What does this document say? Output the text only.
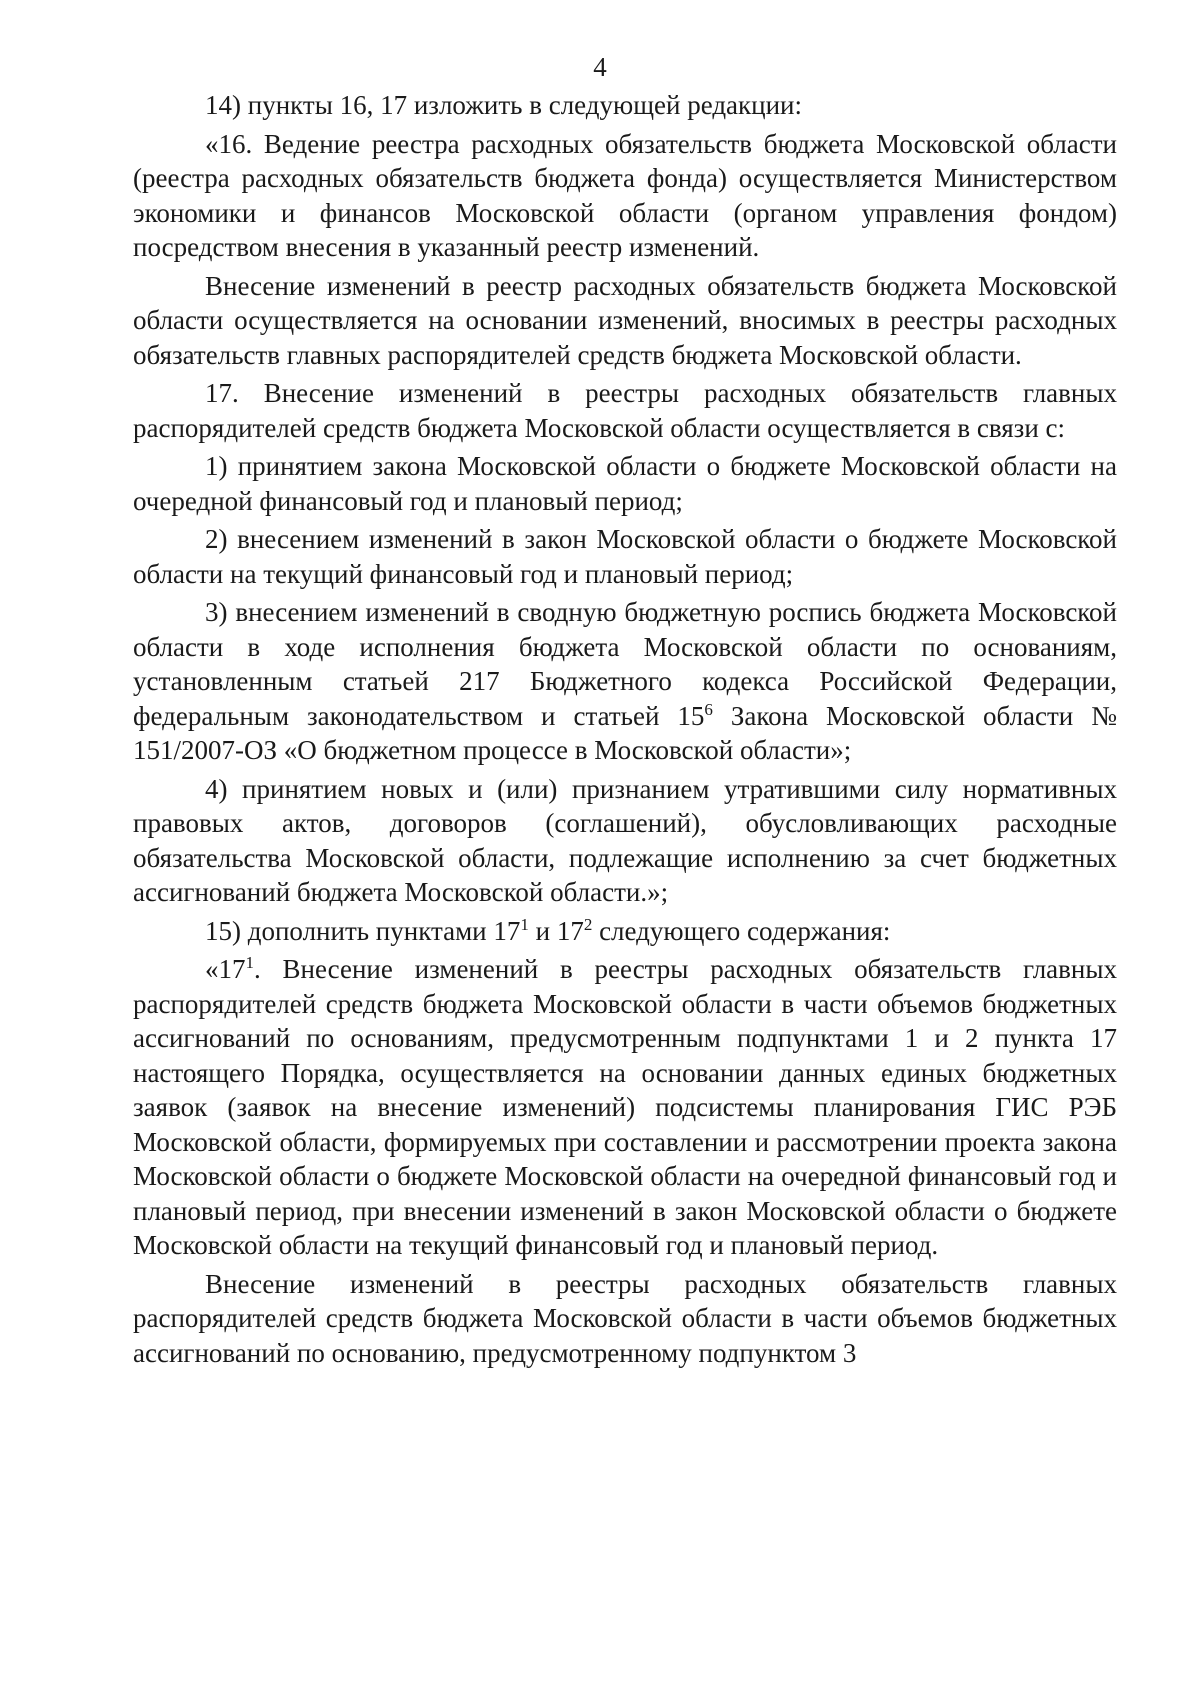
4

14) пункты 16, 17 изложить в следующей редакции:

«16. Ведение реестра расходных обязательств бюджета Московской области (реестра расходных обязательств бюджета фонда) осуществляется Министерством экономики и финансов Московской области (органом управления фондом) посредством внесения в указанный реестр изменений.

Внесение изменений в реестр расходных обязательств бюджета Московской области осуществляется на основании изменений, вносимых в реестры расходных обязательств главных распорядителей средств бюджета Московской области.

17. Внесение изменений в реестры расходных обязательств главных распорядителей средств бюджета Московской области осуществляется в связи с:

1) принятием закона Московской области о бюджете Московской области на очередной финансовый год и плановый период;

2) внесением изменений в закон Московской области о бюджете Московской области на текущий финансовый год и плановый период;

3) внесением изменений в сводную бюджетную роспись бюджета Московской области в ходе исполнения бюджета Московской области по основаниям, установленным статьей 217 Бюджетного кодекса Российской Федерации, федеральным законодательством и статьей $15^6$ Закона Московской области № 151/2007-ОЗ «О бюджетном процессе в Московской области»;

4) принятием новых и (или) признанием утратившими силу нормативных правовых актов, договоров (соглашений), обусловливающих расходные обязательства Московской области, подлежащие исполнению за счет бюджетных ассигнований бюджета Московской области.»;

15) дополнить пунктами $17^1$ и $17^2$ следующего содержания:

«$17^1$. Внесение изменений в реестры расходных обязательств главных распорядителей средств бюджета Московской области в части объемов бюджетных ассигнований по основаниям, предусмотренным подпунктами 1 и 2 пункта 17 настоящего Порядка, осуществляется на основании данных единых бюджетных заявок (заявок на внесение изменений) подсистемы планирования ГИС РЭБ Московской области, формируемых при составлении и рассмотрении проекта закона Московской области о бюджете Московской области на очередной финансовый год и плановый период, при внесении изменений в закон Московской области о бюджете Московской области на текущий финансовый год и плановый период.

Внесение изменений в реестры расходных обязательств главных распорядителей средств бюджета Московской области в части объемов бюджетных ассигнований по основанию, предусмотренному подпунктом 3
